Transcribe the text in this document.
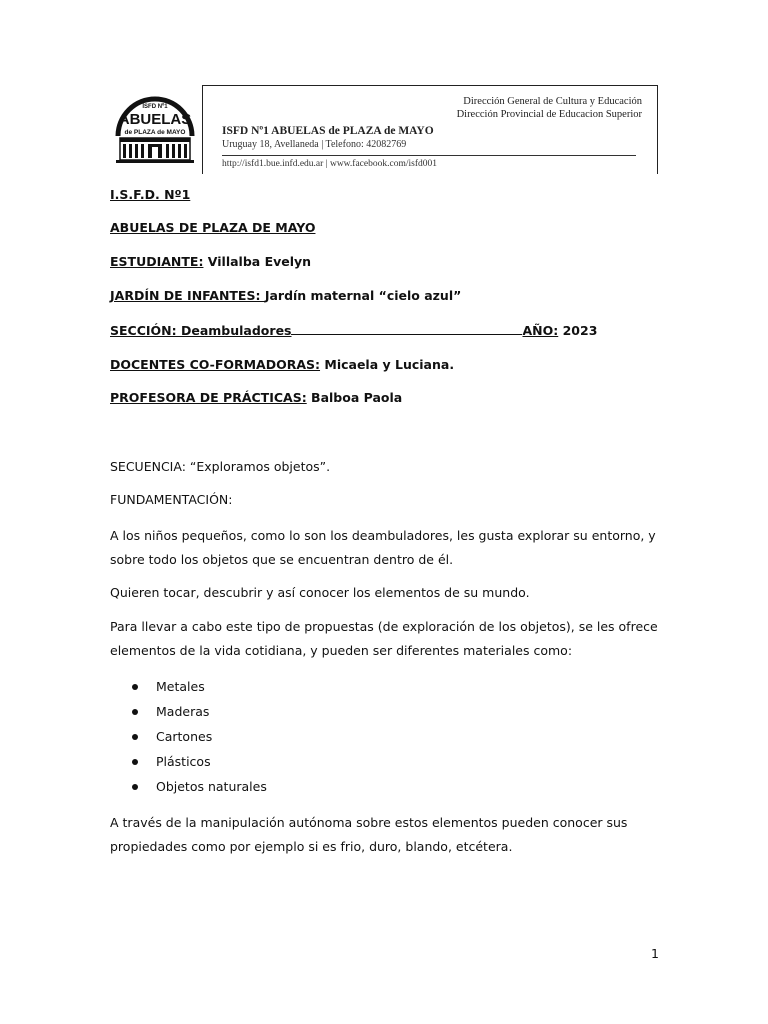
ISFD Nº1
ABUELAS
de PLAZA de MAYO
Dirección General de Cultura y Educación
Dirección Provincial de Educacion Superior
ISFD Nº1 ABUELAS de PLAZA de MAYO
Uruguay 18, Avellaneda | Telefono: 42082769
http://isfd1.bue.infd.edu.ar | www.facebook.com/isfd001
I.S.F.D. Nº1
ABUELAS DE PLAZA DE MAYO
ESTUDIANTE: Villalba Evelyn
JARDÍN DE INFANTES: Jardín maternal “cielo azul”
SECCIÓN: Deambuladores	AÑO: 2023
DOCENTES CO-FORMADORAS: Micaela y Luciana.
PROFESORA DE PRÁCTICAS: Balboa Paola
SECUENCIA: “Exploramos objetos”.
FUNDAMENTACIÓN:
A los niños pequeños, como lo son los deambuladores, les gusta explorar su entorno, y sobre todo los objetos que se encuentran dentro de él.
Quieren tocar, descubrir y así conocer los elementos de su mundo.
Para llevar a cabo este tipo de propuestas (de exploración de los objetos), se les ofrece elementos de la vida cotidiana, y pueden ser diferentes materiales como:
Metales
Maderas
Cartones
Plásticos
Objetos naturales
A través de la manipulación autónoma sobre estos elementos pueden conocer sus propiedades como por ejemplo si es frio, duro, blando, etcétera.
1
